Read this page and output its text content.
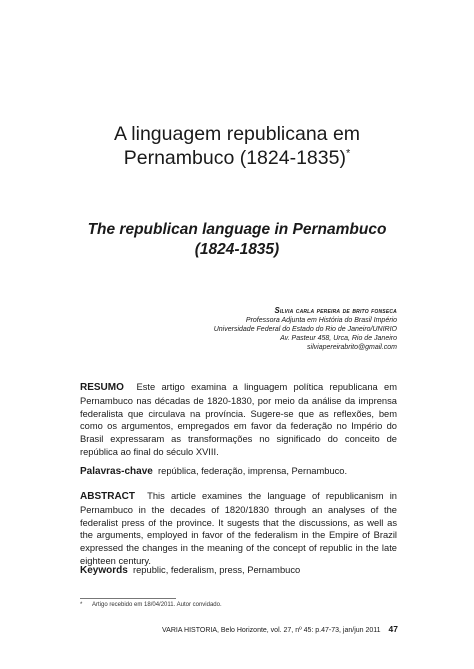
A linguagem republicana em
Pernambuco (1824-1835)*
The republican language in Pernambuco
(1824-1835)
Silvia carla pereira de brito fonseca
Professora Adjunta em História do Brasil Império
Universidade Federal do Estado do Rio de Janeiro/UNIRIO
Av. Pasteur 458, Urca, Rio de Janeiro
silviapereirabrito@gmail.com
RESUMO Este artigo examina a linguagem política republicana em Pernambuco nas décadas de 1820-1830, por meio da análise da imprensa federalista que circulava na província. Sugere-se que as reflexões, bem como os argumentos, empregados em favor da federação no Império do Brasil expressaram as transformações no significado do conceito de república ao final do século XVIII.
Palavras-chave república, federação, imprensa, Pernambuco.
ABSTRACT This article examines the language of republicanism in Pernambuco in the decades of 1820/1830 through an analyses of the federalist press of the province. It sugests that the discussions, as well as the arguments, employed in favor of the federalism in the Empire of Brazil expressed the changes in the meaning of the concept of republic in the late eighteen century.
Keywords republic, federalism, press, Pernambuco
* Artigo recebido em 18/04/2011. Autor convidado.
VARIA HISTORIA, Belo Horizonte, vol. 27, nº 45: p.47-73, jan/jun 2011 47
